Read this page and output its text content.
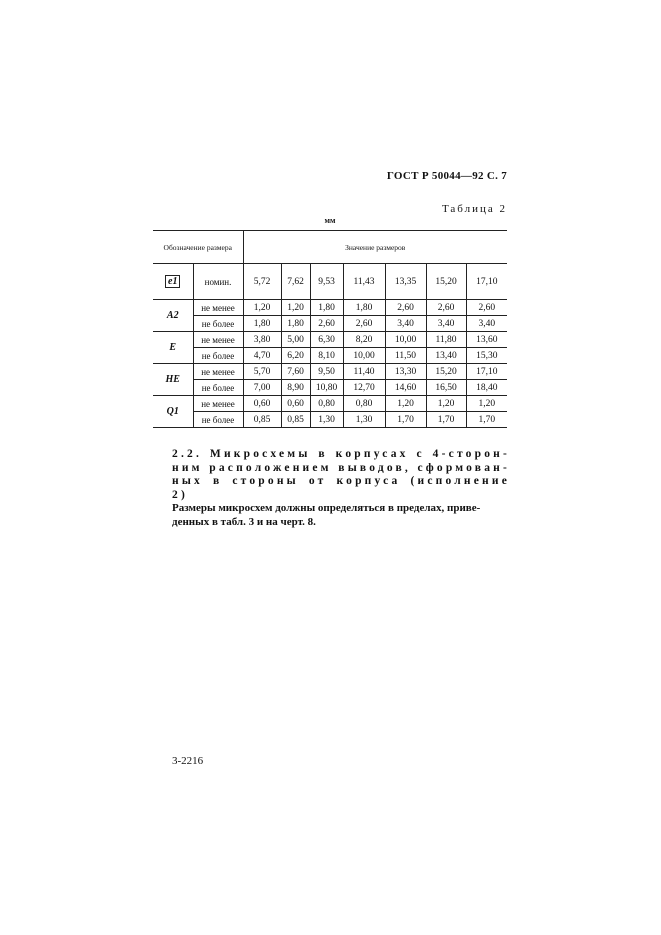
ГОСТ Р 50044—92 С. 7
Таблица 2
мм
Обозначение размера		Значение размеров						
e1	номин.	5,72	7,62	9,53	11,43	13,35	15,20	17,10
A2	не менее	1,20	1,20	1,80	1,80	2,60	2,60	2,60
	не более	1,80	1,80	2,60	2,60	3,40	3,40	3,40
E	не менее	3,80	5,00	6,30	8,20	10,00	11,80	13,60
	не более	4,70	6,20	8,10	10,00	11,50	13,40	15,30
HE	не менее	5,70	7,60	9,50	11,40	13,30	15,20	17,10
	не более	7,00	8,90	10,80	12,70	14,60	16,50	18,40
Q1	не менее	0,60	0,60	0,80	0,80	1,20	1,20	1,20
	не более	0,85	0,85	1,30	1,30	1,70	1,70	1,70
2.2. Микросхемы в корпусах с 4-сторон-
ним расположением выводов, сформован-
ных в стороны от корпуса (исполнение 2)
Размеры микросхем должны определяться в пределах, приве-
денных в табл. 3 и на черт. 8.
3-2216
